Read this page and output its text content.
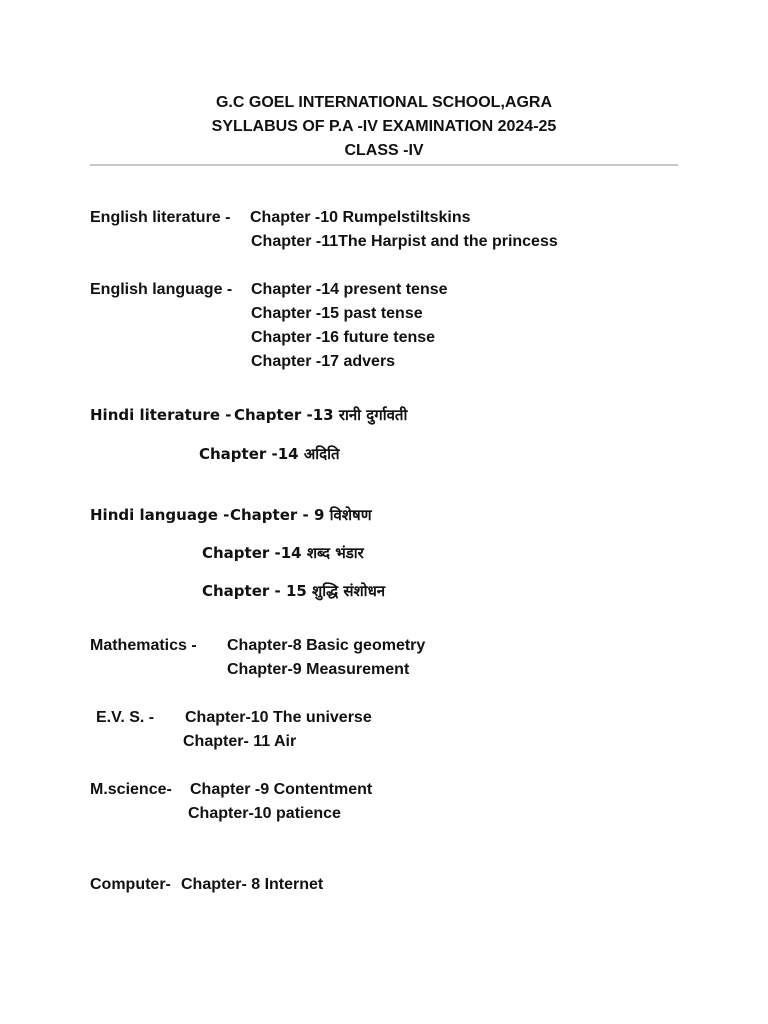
G.C GOEL INTERNATIONAL SCHOOL,AGRA
SYLLABUS OF P.A -IV EXAMINATION 2024-25
CLASS -IV
English literature - Chapter -10 Rumpelstiltskins
Chapter -11The Harpist and the princess
English language - Chapter -14 present tense
Chapter -15 past tense
Chapter -16 future tense
Chapter -17 advers
Hindi literature -
Chapter -13 रानी दुर्गावती
Chapter -14 अदिति
Hindi language -
Chapter - 9 विशेषण
Chapter -14 शब्द भंडार
Chapter - 15 शुद्धि संशोधन
Mathematics - Chapter-8 Basic geometry
Chapter-9 Measurement
E.V. S. - Chapter-10 The universe
Chapter- 11 Air
M.science- Chapter -9 Contentment
Chapter-10 patience
Computer- Chapter- 8 Internet
